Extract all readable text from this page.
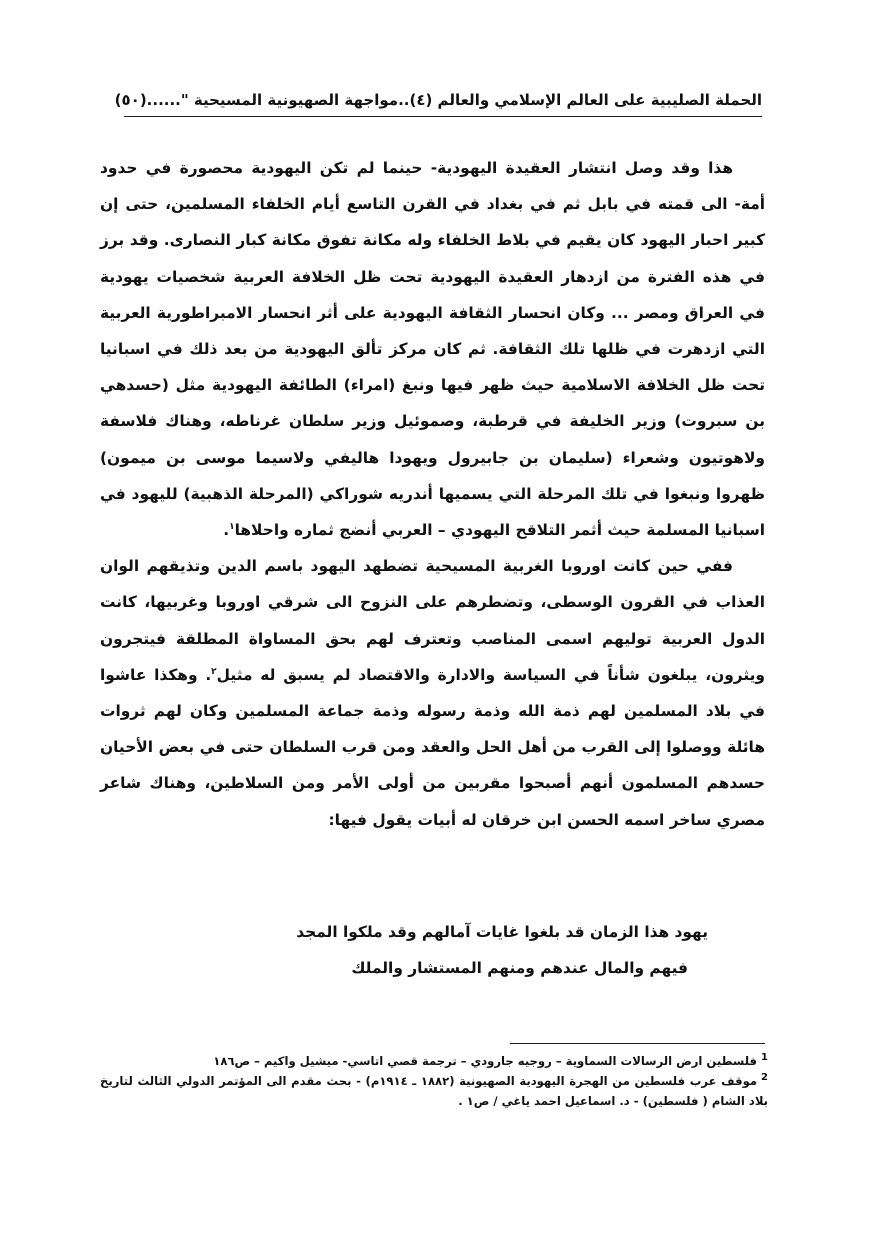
الحملة الصليبية على العالم الإسلامي والعالم (٤)..مواجهة الصهيونية المسيحية "......
(٥٠)

هذا وقد وصل انتشار العقيدة اليهودية- حينما لم تكن اليهودية محصورة في حدود أمة- الى قمته في بابل ثم في بغداد في القرن التاسع أيام الخلفاء المسلمين، حتى إن كبير احبار اليهود كان يقيم في بلاط الخلفاء وله مكانة تفوق مكانة كبار النصارى. وقد برز في هذه الفترة من ازدهار العقيدة اليهودية تحت ظل الخلافة العربية شخصيات يهودية في العراق ومصر ... وكان انحسار الثقافة اليهودية على أثر انحسار الامبراطورية العربية التي ازدهرت في ظلها تلك الثقافة. ثم كان مركز تألق اليهودية من بعد ذلك في اسبانيا تحت ظل الخلافة الاسلامية حيث ظهر فيها ونبغ (امراء) الطائفة اليهودية مثل (حسدهي بن سبروت) وزير الخليفة في قرطبة، وصموئيل وزير سلطان غرناطه، وهناك فلاسفة ولاهوتيون وشعراء (سليمان بن جابيرول ويهودا هاليفي ولاسيما موسى بن ميمون) ظهروا ونبغوا في تلك المرحلة التي يسميها أندريه شوراكي (المرحلة الذهبية) لليهود في اسبانيا المسلمة حيث أثمر التلاقح اليهودي – العربي أنضج ثماره واحلاها$^١$.

ففي حين كانت اوروبا الغربية المسيحية تضطهد اليهود باسم الدين وتذيقهم الوان العذاب في القرون الوسطى، وتضطرهم على النزوح الى شرقي اوروبا وغربيها، كانت الدول العربية توليهم اسمى المناصب وتعترف لهم بحق المساواة المطلقة فيتجرون ويثرون، يبلغون شأناً في السياسة والادارة والاقتصاد لم يسبق له مثيل$^٢$. وهكذا عاشوا في بلاد المسلمين لهم ذمة الله وذمة رسوله وذمة جماعة المسلمين وكان لهم ثروات هائلة ووصلوا إلى القرب من أهل الحل والعقد ومن قرب السلطان حتى في بعض الأحيان حسدهم المسلمون أنهم أصبحوا مقربين من أولى الأمر ومن السلاطين، وهناك شاعر مصري ساخر اسمه الحسن ابن خرقان له أبيات يقول فيها:

يهود هذا الزمان قد بلغوا غايات آمالهم وقد ملكوا المجد

فيهم والمال عندهم ومنهم المستشار والملك

1فلسطين ارض الرسالات السماوية – روجيه جارودي – ترجمة قصي اتاسي- ميشيل واكيم – ص١٨٦

2موقف عرب فلسطين من الهجرة اليهودية الصهيونية (١٨٨٢ ـ ١٩١٤م) - بحث مقدم الى المؤتمر الدولي الثالث لتاريخ بلاد الشام ( فلسطين) - د. اسماعيل احمد ياغي / ص١ .
